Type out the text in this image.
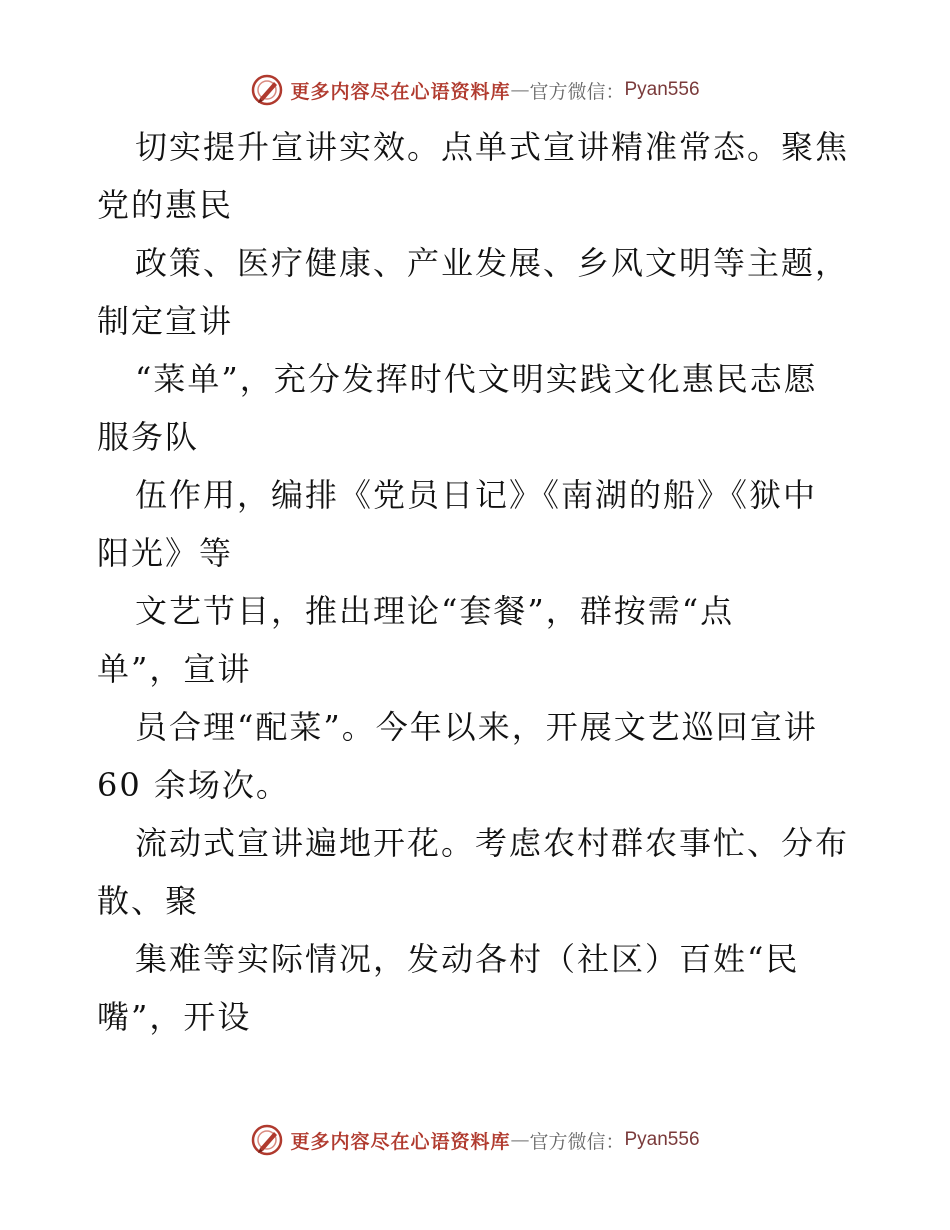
更多内容尽在心语资料库 — 官方微信： Pyan556
切实提升宣讲实效。点单式宣讲精准常态。聚焦
党的惠民
政策、医疗健康、产业发展、乡风文明等主题，
制定宣讲
“菜单”，充分发挥时代文明实践文化惠民志愿
服务队
伍作用，编排《党员日记》《南湖的船》《狱中
阳光》等
文艺节目，推出理论“套餐”，群按需“点
单”，宣讲
员合理“配菜”。今年以来，开展文艺巡回宣讲
60 余场次。
流动式宣讲遍地开花。考虑农村群农事忙、分布
散、聚
集难等实际情况，发动各村（社区）百姓“民
嘴”，开设
更多内容尽在心语资料库 — 官方微信： Pyan556
